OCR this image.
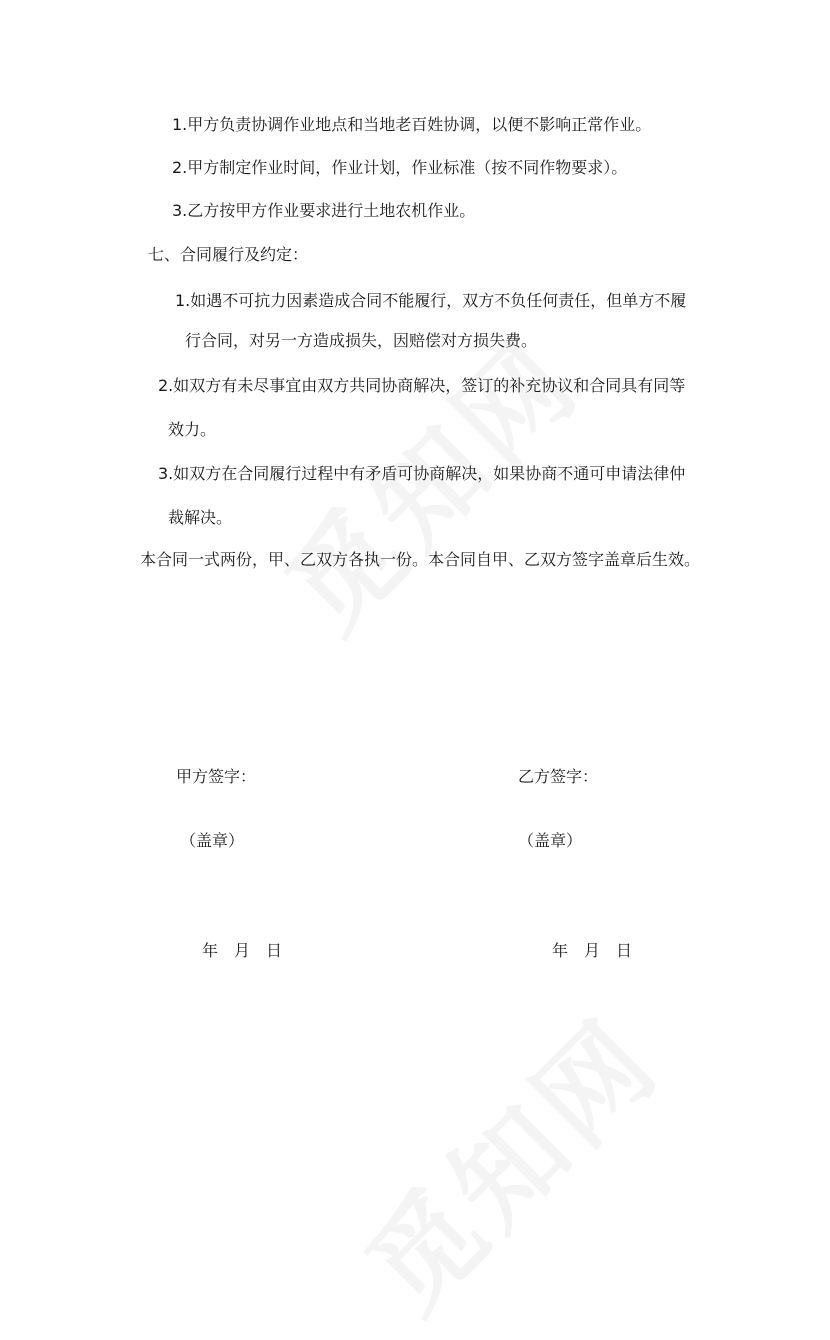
1.甲方负责协调作业地点和当地老百姓协调，以便不影响正常作业。
2.甲方制定作业时间，作业计划，作业标准（按不同作物要求）。
3.乙方按甲方作业要求进行土地农机作业。
七、合同履行及约定：
1.如遇不可抗力因素造成合同不能履行，双方不负任何责任，但单方不履
行合同，对另一方造成损失，因赔偿对方损失费。
2.如双方有未尽事宜由双方共同协商解决，签订的补充协议和合同具有同等
效力。
3.如双方在合同履行过程中有矛盾可协商解决，如果协商不通可申请法律仲
裁解决。
本合同一式两份，甲、乙双方各执一份。本合同自甲、乙双方签字盖章后生效。
甲方签字：	乙方签字：
（盖章）	（盖章）
年　月　日	年　月　日
